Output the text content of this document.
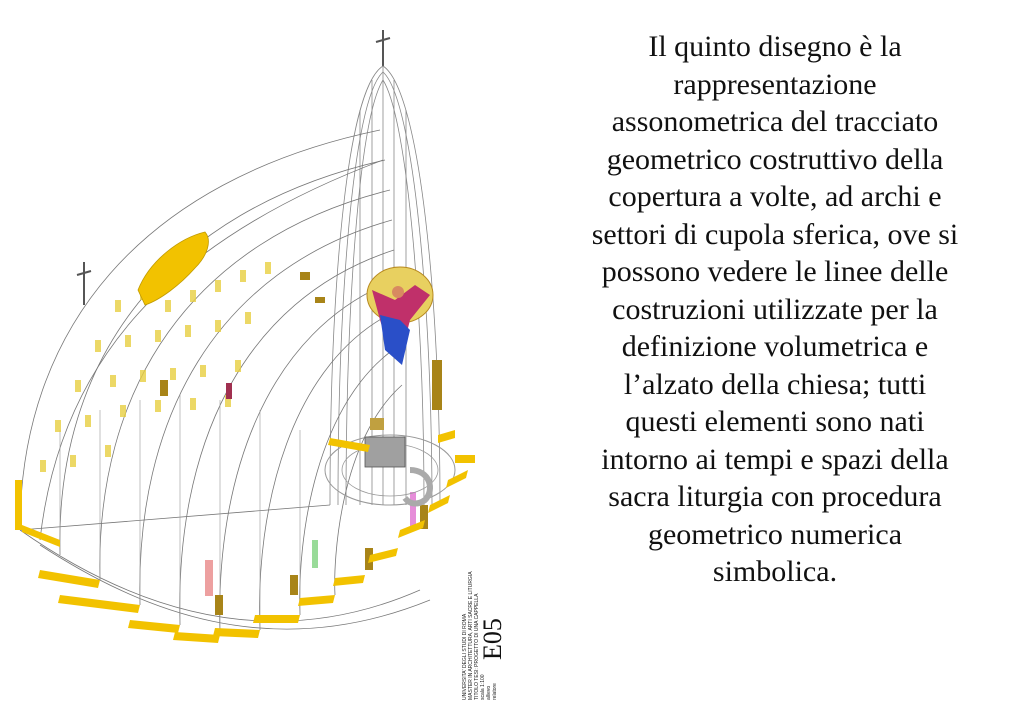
UNIVERSITA' DEGLI STUDI DI ROMA MASTER IN ARCHITETTURA, ARTI SACRE E LITURGIA TITOLO TESI: PROGETTO DI UNA CAPPELLA scala 1:100 allievo relatore
E05
Il quinto disegno è la
rappresentazione
assonometrica del tracciato
geometrico costruttivo della
copertura a volte, ad archi e
settori di cupola sferica, ove si
possono vedere le linee delle
costruzioni utilizzate per la
definizione volumetrica e
l’alzato della chiesa; tutti
questi elementi sono nati
intorno ai tempi e spazi della
sacra liturgia con procedura
geometrico numerica
simbolica.
